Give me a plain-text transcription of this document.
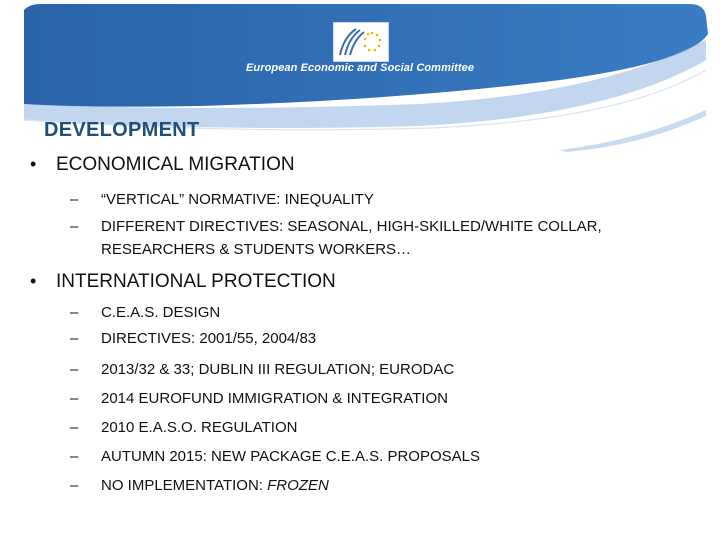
European Economic and Social Committee
DEVELOPMENT
•	ECONOMICAL MIGRATION
–	“VERTICAL” NORMATIVE: INEQUALITY
–	DIFFERENT DIRECTIVES: SEASONAL, HIGH-SKILLED/WHITE COLLAR, RESEARCHERS & STUDENTS WORKERS…
•	INTERNATIONAL PROTECTION
–	C.E.A.S. DESIGN
–	DIRECTIVES: 2001/55, 2004/83
–	2013/32 & 33; DUBLIN III REGULATION; EURODAC
–	2014 EUROFUND IMMIGRATION & INTEGRATION
–	2010 E.A.S.O. REGULATION
–	AUTUMN 2015: NEW PACKAGE C.E.A.S. PROPOSALS
–	NO IMPLEMENTATION: FROZEN
